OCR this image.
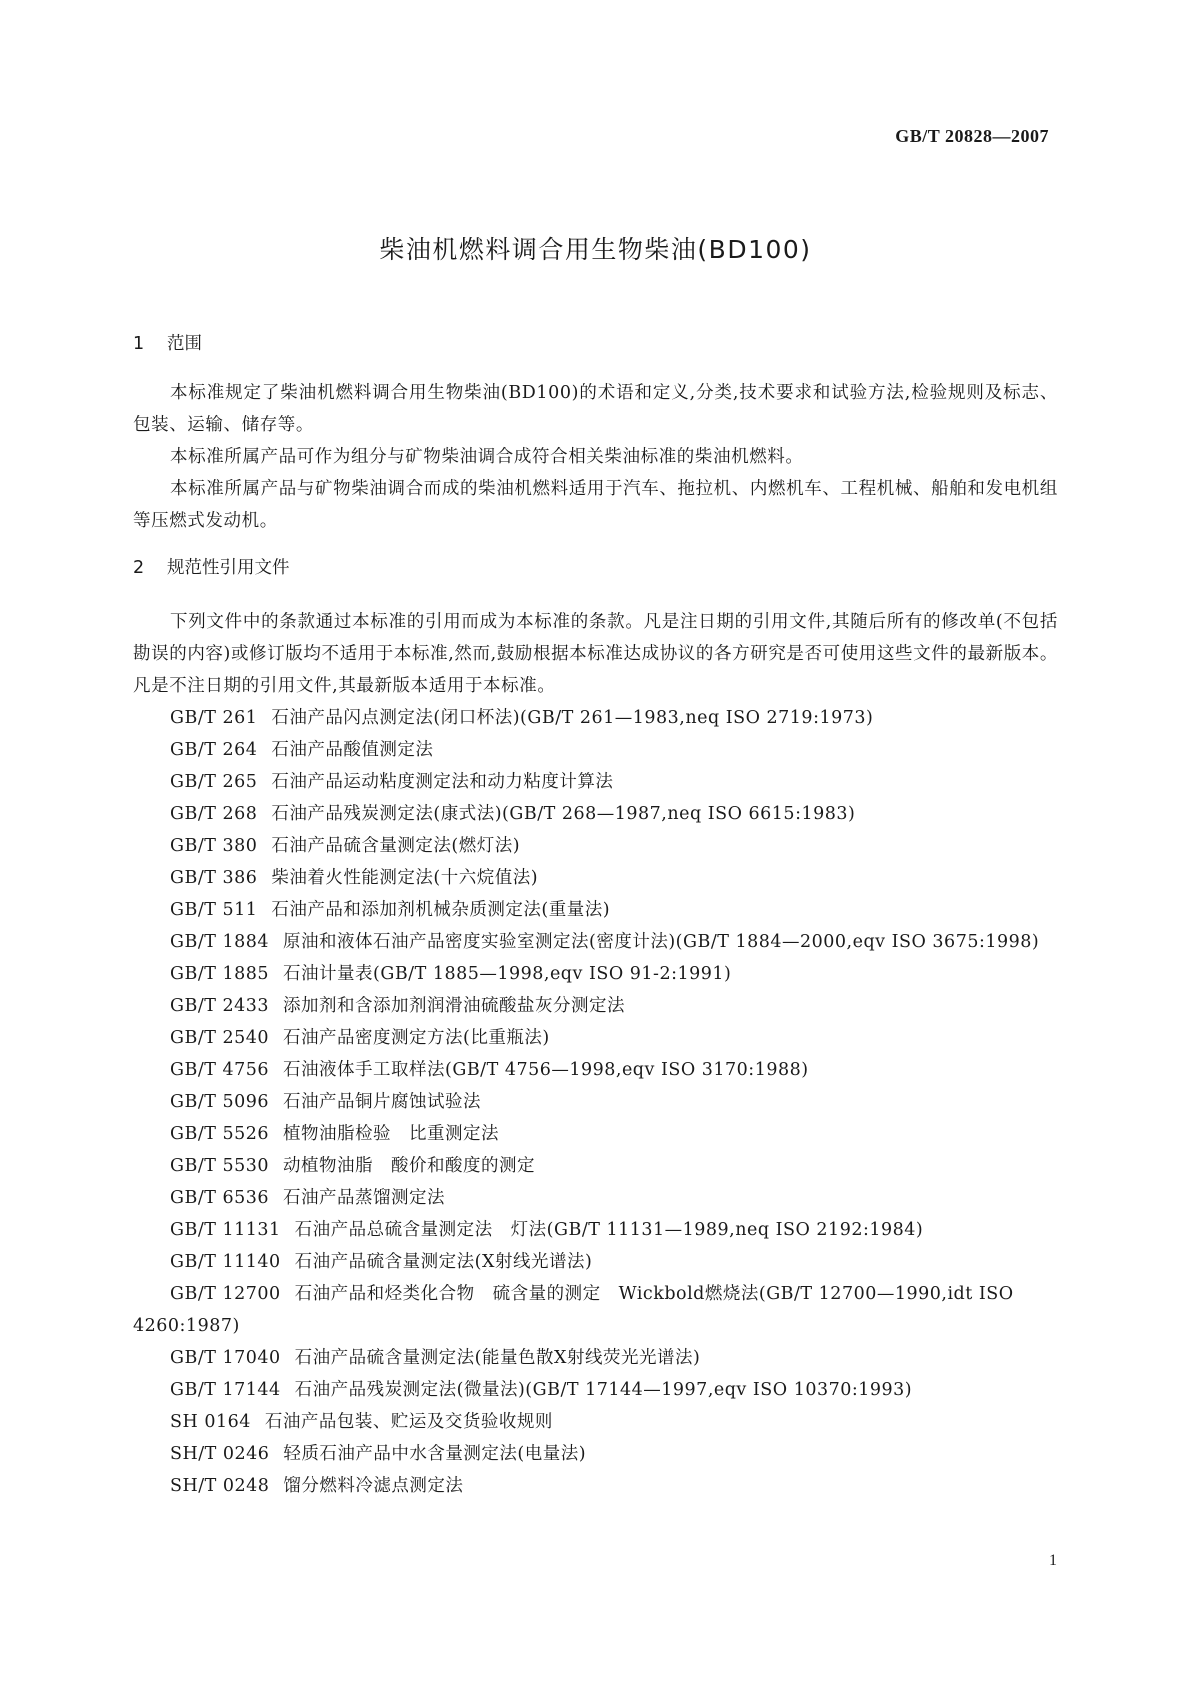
GB/T 20828—2007
柴油机燃料调合用生物柴油(BD100)
1 范围

本标准规定了柴油机燃料调合用生物柴油(BD100)的术语和定义,分类,技术要求和试验方法,检验规则及标志、包装、运输、储存等。

本标准所属产品可作为组分与矿物柴油调合成符合相关柴油标准的柴油机燃料。

本标准所属产品与矿物柴油调合而成的柴油机燃料适用于汽车、拖拉机、内燃机车、工程机械、船舶和发电机组等压燃式发动机。

2 规范性引用文件

下列文件中的条款通过本标准的引用而成为本标准的条款。凡是注日期的引用文件,其随后所有的修改单(不包括勘误的内容)或修订版均不适用于本标准,然而,鼓励根据本标准达成协议的各方研究是否可使用这些文件的最新版本。凡是不注日期的引用文件,其最新版本适用于本标准。

GB/T 261 石油产品闪点测定法(闭口杯法)(GB/T 261—1983,neq ISO 2719:1973)
GB/T 264 石油产品酸值测定法
GB/T 265 石油产品运动粘度测定法和动力粘度计算法
GB/T 268 石油产品残炭测定法(康式法)(GB/T 268—1987,neq ISO 6615:1983)
GB/T 380 石油产品硫含量测定法(燃灯法)
GB/T 386 柴油着火性能测定法(十六烷值法)
GB/T 511 石油产品和添加剂机械杂质测定法(重量法)
GB/T 1884 原油和液体石油产品密度实验室测定法(密度计法)(GB/T 1884—2000,eqv ISO 3675:1998)
GB/T 1885 石油计量表(GB/T 1885—1998,eqv ISO 91-2:1991)
GB/T 2433 添加剂和含添加剂润滑油硫酸盐灰分测定法
GB/T 2540 石油产品密度测定方法(比重瓶法)
GB/T 4756 石油液体手工取样法(GB/T 4756—1998,eqv ISO 3170:1988)
GB/T 5096 石油产品铜片腐蚀试验法
GB/T 5526 植物油脂检验　比重测定法
GB/T 5530 动植物油脂　酸价和酸度的测定
GB/T 6536 石油产品蒸馏测定法
GB/T 11131 石油产品总硫含量测定法　灯法(GB/T 11131—1989,neq ISO 2192:1984)
GB/T 11140 石油产品硫含量测定法(X射线光谱法)
GB/T 12700 石油产品和烃类化合物　硫含量的测定　Wickbold燃烧法(GB/T 12700—1990,idt ISO 4260:1987)
GB/T 17040 石油产品硫含量测定法(能量色散X射线荧光光谱法)
GB/T 17144 石油产品残炭测定法(微量法)(GB/T 17144—1997,eqv ISO 10370:1993)
SH 0164 石油产品包装、贮运及交货验收规则
SH/T 0246 轻质石油产品中水含量测定法(电量法)
SH/T 0248 馏分燃料冷滤点测定法
1
